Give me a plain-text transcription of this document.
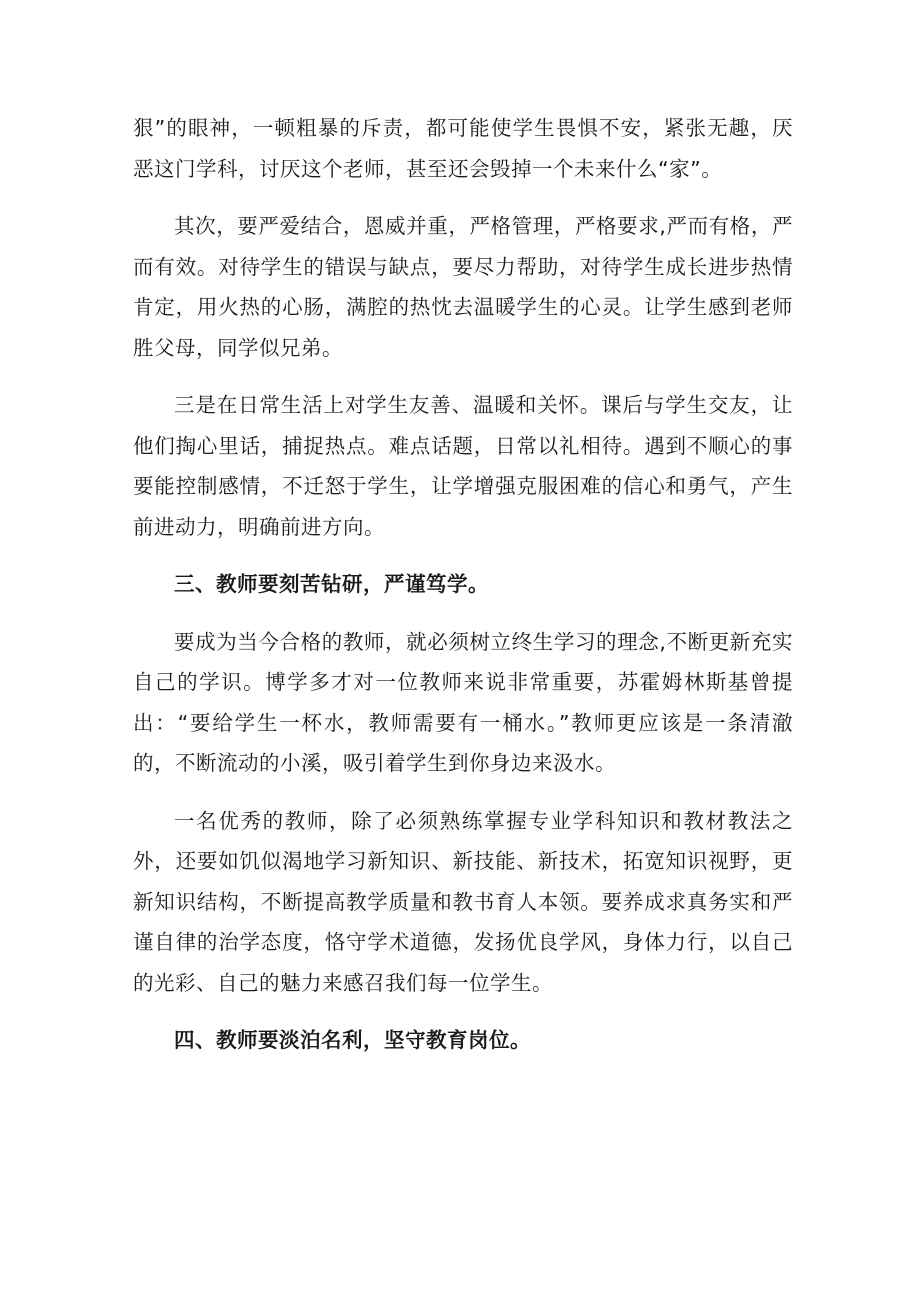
狠”的眼神，一顿粗暴的斥责，都可能使学生畏惧不安，紧张无趣，厌恶这门学科，讨厌这个老师，甚至还会毁掉一个未来什么“家”。

其次，要严爱结合，恩威并重，严格管理，严格要求,严而有格，严而有效。对待学生的错误与缺点，要尽力帮助，对待学生成长进步热情肯定，用火热的心肠，满腔的热忱去温暖学生的心灵。让学生感到老师胜父母，同学似兄弟。

三是在日常生活上对学生友善、温暖和关怀。课后与学生交友，让他们掏心里话，捕捉热点。难点话题，日常以礼相待。遇到不顺心的事要能控制感情，不迁怒于学生，让学增强克服困难的信心和勇气，产生前进动力，明确前进方向。

三、教师要刻苦钻研，严谨笃学。

要成为当今合格的教师，就必须树立终生学习的理念,不断更新充实自己的学识。博学多才对一位教师来说非常重要，苏霍姆林斯基曾提出：“要给学生一杯水，教师需要有一桶水。”教师更应该是一条清澈的，不断流动的小溪，吸引着学生到你身边来汲水。

一名优秀的教师，除了必须熟练掌握专业学科知识和教材教法之外，还要如饥似渴地学习新知识、新技能、新技术，拓宽知识视野，更新知识结构，不断提高教学质量和教书育人本领。要养成求真务实和严谨自律的治学态度，恪守学术道德，发扬优良学风，身体力行，以自己的光彩、自己的魅力来感召我们每一位学生。

四、教师要淡泊名利，坚守教育岗位。
